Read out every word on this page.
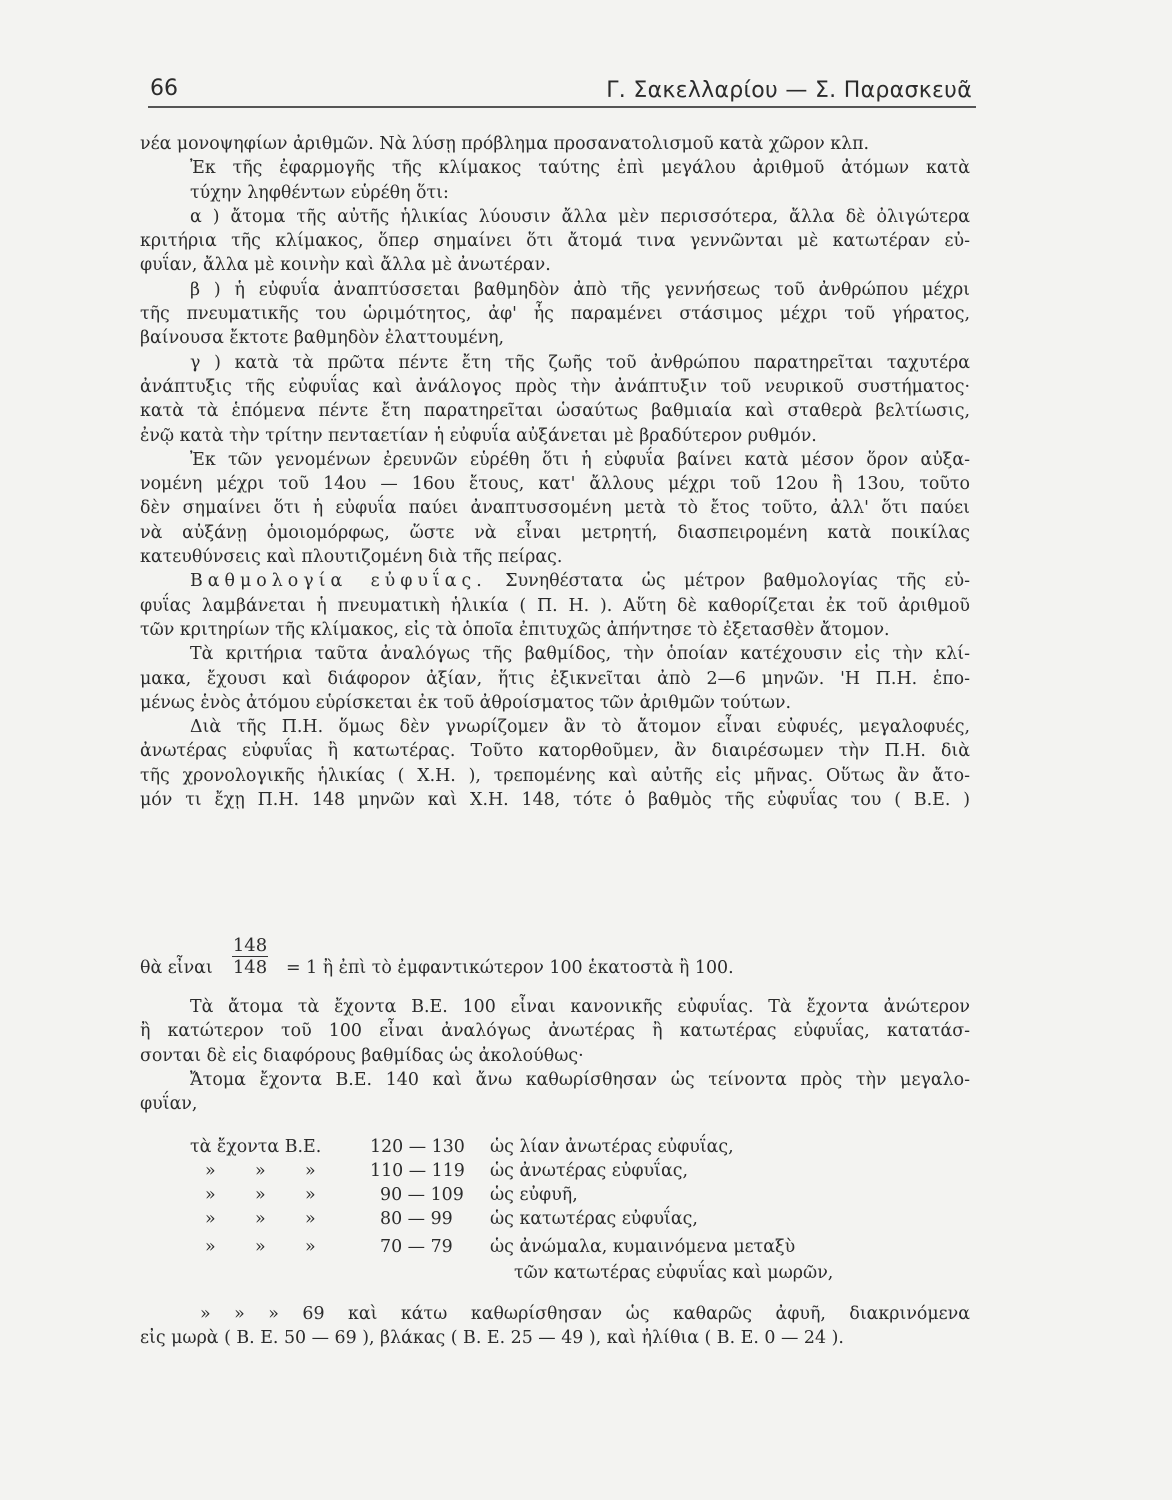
66	Γ. Σακελλαρίου — Σ. Παρασκευᾶ

νέα μονοψηφίων ἀριθμῶν. Νὰ λύσῃ πρόβλημα προσανατολισμοῦ κατὰ χῶρον κλπ.

Ἐκ τῆς ἐφαρμογῆς τῆς κλίμακος ταύτης ἐπὶ μεγάλου ἀριθμοῦ ἀτόμων κατὰ
τύχην ληφθέντων εὑρέθη ὅτι:

α ) ἄτομα τῆς αὐτῆς ἡλικίας λύουσιν ἄλλα μὲν περισσότερα, ἄλλα δὲ ὀλιγώτερα
κριτήρια τῆς κλίμακος, ὅπερ σημαίνει ὅτι ἄτομά τινα γεννῶνται μὲ κατωτέραν εὐ-
φυΐαν, ἄλλα μὲ κοινὴν καὶ ἄλλα μὲ ἀνωτέραν.

β ) ἡ εὐφυΐα ἀναπτύσσεται βαθμηδὸν ἀπὸ τῆς γεννήσεως τοῦ ἀνθρώπου μέχρι
τῆς πνευματικῆς του ὡριμότητος, ἀφ' ἧς παραμένει στάσιμος μέχρι τοῦ γήρατος,
βαίνουσα ἔκτοτε βαθμηδὸν ἐλαττουμένη,

γ ) κατὰ τὰ πρῶτα πέντε ἔτη τῆς ζωῆς τοῦ ἀνθρώπου παρατηρεῖται ταχυτέρα
ἀνάπτυξις τῆς εὐφυΐας καὶ ἀνάλογος πρὸς τὴν ἀνάπτυξιν τοῦ νευρικοῦ συστήματος·
κατὰ τὰ ἑπόμενα πέντε ἔτη παρατηρεῖται ὡσαύτως βαθμιαία καὶ σταθερὰ βελτίωσις,
ἐνῷ κατὰ τὴν τρίτην πενταετίαν ἡ εὐφυΐα αὐξάνεται μὲ βραδύτερον ρυθμόν.

Ἐκ τῶν γενομένων ἐρευνῶν εὑρέθη ὅτι ἡ εὐφυΐα βαίνει κατὰ μέσον ὅρον αὐξα-
νομένη μέχρι τοῦ 14ου — 16ου ἔτους, κατ' ἄλλους μέχρι τοῦ 12ου ἢ 13ου, τοῦτο
δὲν σημαίνει ὅτι ἡ εὐφυΐα παύει ἀναπτυσσομένη μετὰ τὸ ἔτος τοῦτο, ἀλλ' ὅτι παύει
νὰ αὐξάνῃ ὁμοιομόρφως, ὥστε νὰ εἶναι μετρητή, διασπειρομένη κατὰ ποικίλας
κατευθύνσεις καὶ πλουτιζομένη διὰ τῆς πείρας.

Βαθμολογία εὐφυΐας. Συνηθέστατα ὡς μέτρον βαθμολογίας τῆς εὐ-
φυΐας λαμβάνεται ἡ πνευματικὴ ἡλικία ( Π. Η. ). Αὕτη δὲ καθορίζεται ἐκ τοῦ ἀριθμοῦ
τῶν κριτηρίων τῆς κλίμακος, εἰς τὰ ὁποῖα ἐπιτυχῶς ἀπήντησε τὸ ἐξετασθὲν ἄτομον.

Τὰ κριτήρια ταῦτα ἀναλόγως τῆς βαθμίδος, τὴν ὁποίαν κατέχουσιν εἰς τὴν κλί-
μακα, ἔχουσι καὶ διάφορον ἀξίαν, ἥτις ἐξικνεῖται ἀπὸ 2—6 μηνῶν. 'Η Π.Η. ἑπο-
μένως ἑνὸς ἀτόμου εὑρίσκεται ἐκ τοῦ ἀθροίσματος τῶν ἀριθμῶν τούτων.

Διὰ τῆς Π.Η. ὅμως δὲν γνωρίζομεν ἂν τὸ ἄτομον εἶναι εὐφυές, μεγαλοφυές,
ἀνωτέρας εὐφυΐας ἢ κατωτέρας. Τοῦτο κατορθοῦμεν, ἂν διαιρέσωμεν τὴν Π.Η. διὰ
τῆς χρονολογικῆς ἡλικίας ( Χ.Η. ), τρεπομένης καὶ αὐτῆς εἰς μῆνας. Οὕτως ἂν ἄτο-
μόν τι ἔχῃ Π.Η. 148 μηνῶν καὶ Χ.Η. 148, τότε ὁ βαθμὸς τῆς εὐφυΐας του ( Β.Ε. )

θὰ εἶναι $\frac{148}{148} = 1$ ἢ ἐπὶ τὸ ἐμφαντικώτερον 100 ἑκατοστὰ ἢ 100.

Τὰ ἄτομα τὰ ἔχοντα Β.Ε. 100 εἶναι κανονικῆς εὐφυΐας. Τὰ ἔχοντα ἀνώτερον
ἢ κατώτερον τοῦ 100 εἶναι ἀναλόγως ἀνωτέρας ἢ κατωτέρας εὐφυΐας, κατατάσ-
σονται δὲ εἰς διαφόρους βαθμίδας ὡς ἀκολούθως·

Ἄτομα ἔχοντα Β.Ε. 140 καὶ ἄνω καθωρίσθησαν ὡς τείνοντα πρὸς τὴν μεγαλο-
φυΐαν,

τὰ ἔχοντα Β.Ε.	120 — 130 ὡς λίαν ἀνωτέρας εὐφυΐας,
» » »	110 — 119 ὡς ἀνωτέρας εὐφυΐας,
» » »	90 — 109 ὡς εὐφυῆ,
» » »	80 — 99 ὡς κατωτέρας εὐφυΐας,
» » »	70 — 79 ὡς ἀνώμαλα, κυμαινόμενα μεταξὺ
τῶν κατωτέρας εὐφυΐας καὶ μωρῶν,

» » » 69 καὶ κάτω καθωρίσθησαν ὡς καθαρῶς ἀφυῆ, διακρινόμενα
εἰς μωρὰ ( Β. Ε. 50 — 69 ), βλάκας ( Β. Ε. 25 — 49 ), καὶ ἠλίθια ( Β. Ε. 0 — 24 ).
